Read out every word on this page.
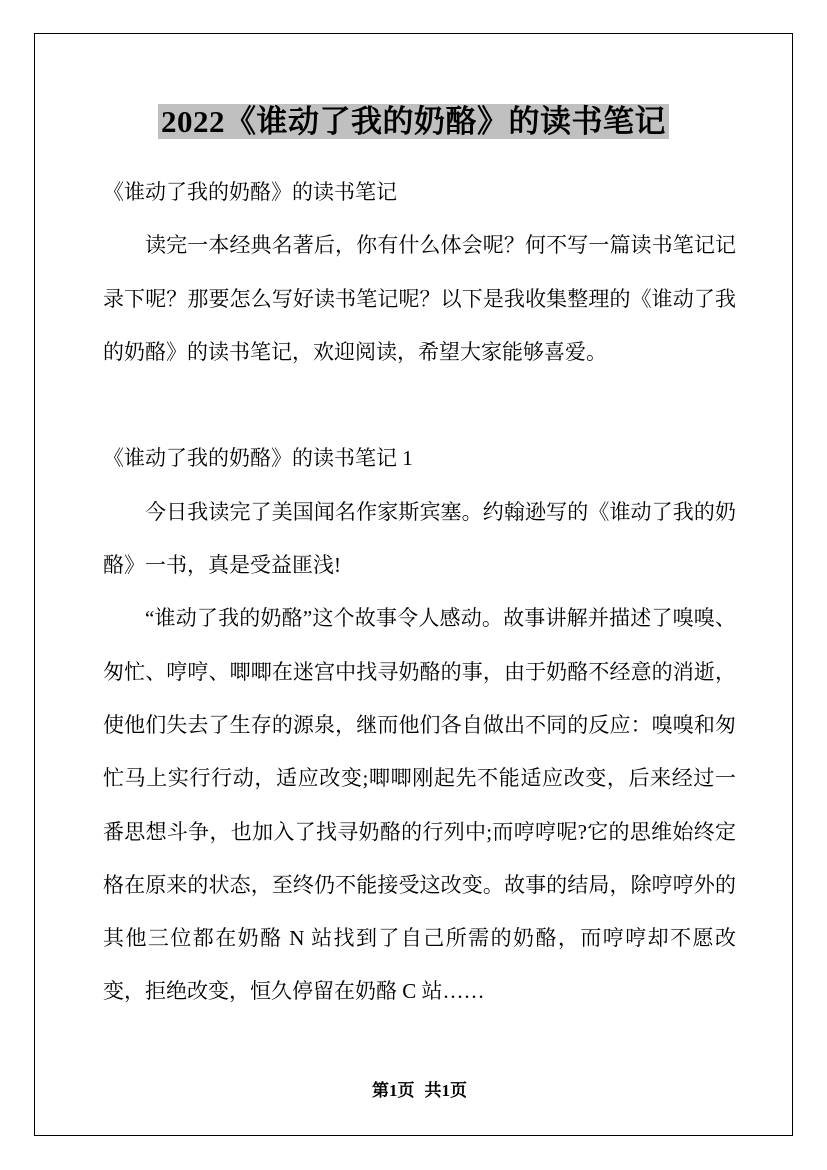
2022《谁动了我的奶酪》的读书笔记

《谁动了我的奶酪》的读书笔记

读完一本经典名著后，你有什么体会呢？何不写一篇读书笔记记录下呢？那要怎么写好读书笔记呢？以下是我收集整理的《谁动了我的奶酪》的读书笔记，欢迎阅读，希望大家能够喜爱。

《谁动了我的奶酪》的读书笔记 1

今日我读完了美国闻名作家斯宾塞。约翰逊写的《谁动了我的奶酪》一书，真是受益匪浅!

“谁动了我的奶酪”这个故事令人感动。故事讲解并描述了嗅嗅、匆忙、哼哼、唧唧在迷宫中找寻奶酪的事，由于奶酪不经意的消逝，使他们失去了生存的源泉，继而他们各自做出不同的反应：嗅嗅和匆忙马上实行行动，适应改变;唧唧刚起先不能适应改变，后来经过一番思想斗争，也加入了找寻奶酪的行列中;而哼哼呢?它的思维始终定格在原来的状态，至终仍不能接受这改变。故事的结局，除哼哼外的其他三位都在奶酪 N 站找到了自己所需的奶酪，而哼哼却不愿改变，拒绝改变，恒久停留在奶酪 C 站……

第1页 共1页
